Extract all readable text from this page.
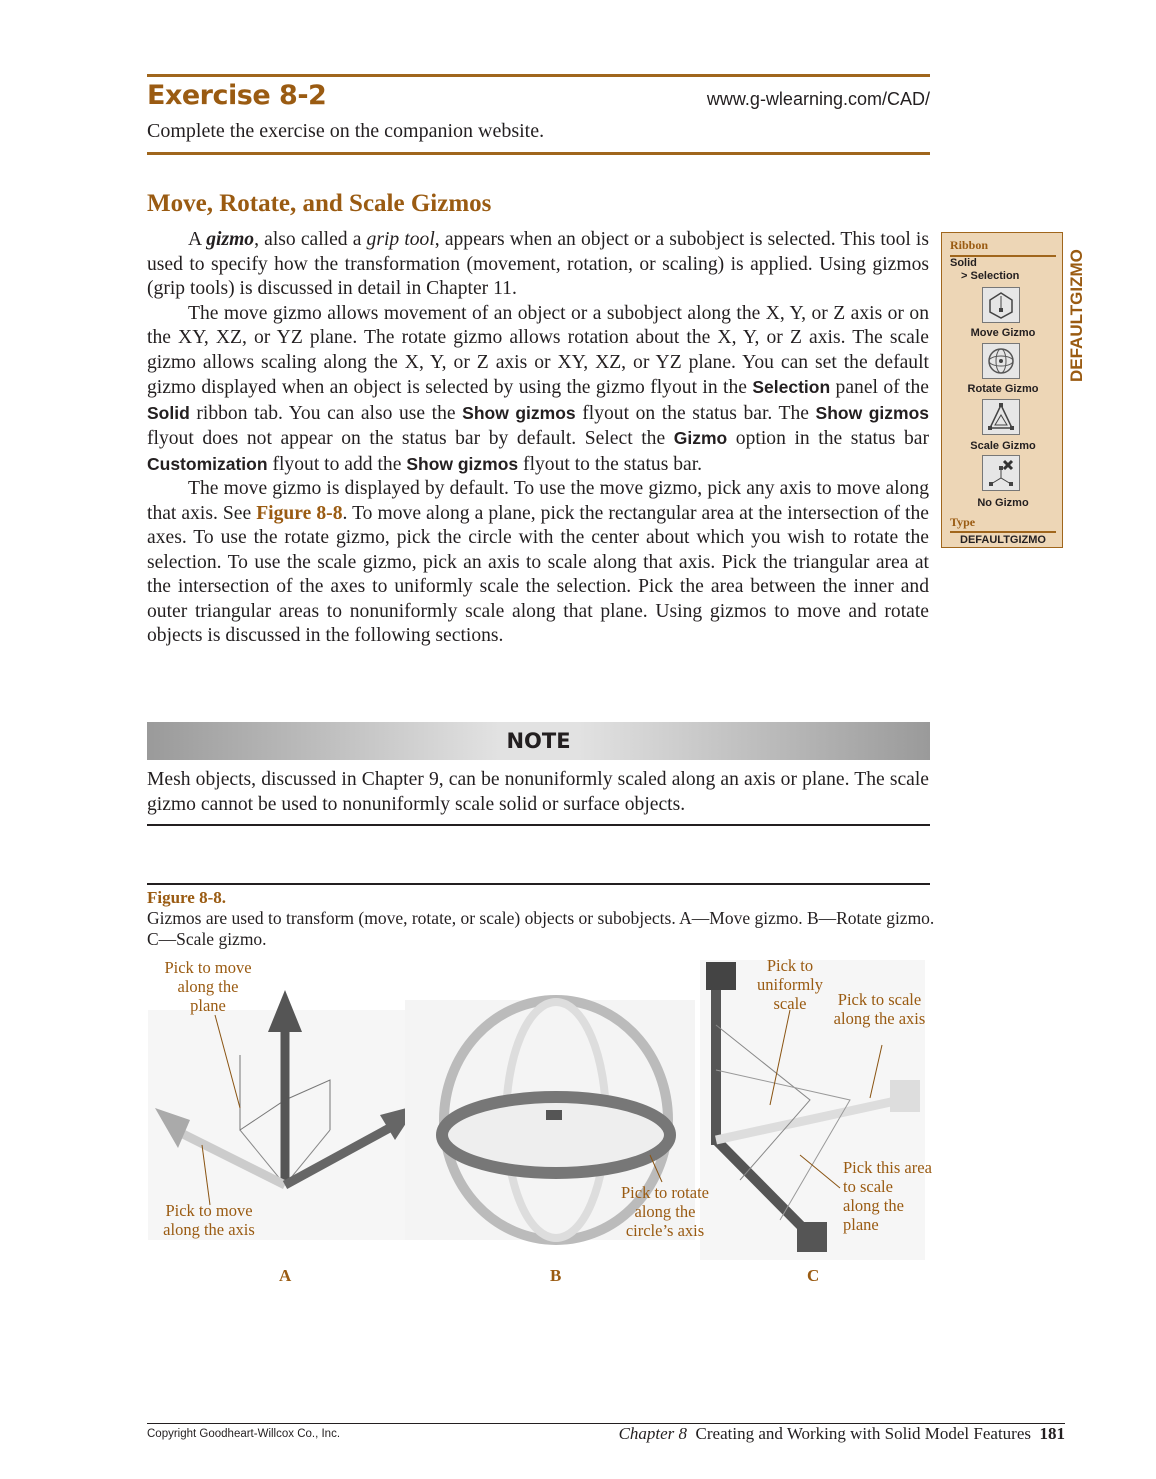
Exercise 8-2	www.g-wlearning.com/CAD/
Complete the exercise on the companion website.
Move, Rotate, and Scale Gizmos

A gizmo, also called a grip tool, appears when an object or a subobject is selected. This tool is used to specify how the transformation (movement, rotation, or scaling) is applied. Using gizmos (grip tools) is discussed in detail in Chapter 11.

The move gizmo allows movement of an object or a subobject along the X, Y, or Z axis or on the XY, XZ, or YZ plane. The rotate gizmo allows rotation about the X, Y, or Z axis. The scale gizmo allows scaling along the X, Y, or Z axis or XY, XZ, or YZ plane. You can set the default gizmo displayed when an object is selected by using the gizmo flyout in the Selection panel of the Solid ribbon tab. You can also use the Show gizmos flyout on the status bar. The Show gizmos flyout does not appear on the status bar by default. Select the Gizmo option in the status bar Customization flyout to add the Show gizmos flyout to the status bar.

The move gizmo is displayed by default. To use the move gizmo, pick any axis to move along that axis. See Figure 8-8. To move along a plane, pick the rectangular area at the intersection of the axes. To use the rotate gizmo, pick the circle with the center about which you wish to rotate the selection. To use the scale gizmo, pick an axis to scale along that axis. Pick the triangular area at the intersection of the axes to uniformly scale the selection. Pick the area between the inner and outer triangular areas to nonuniformly scale along that plane. Using gizmos to move and rotate objects is discussed in the following sections.

Ribbon
Solid
> Selection
Move Gizmo
Rotate Gizmo
Scale Gizmo
No Gizmo
Type
DEFAULTGIZMO
DEFAULTGIZMO
NOTE
Mesh objects, discussed in Chapter 9, can be nonuniformly scaled along an axis or plane. The scale gizmo cannot be used to nonuniformly scale solid or surface objects.
Figure 8-8.
Gizmos are used to transform (move, rotate, or scale) objects or subobjects. A—Move gizmo. B—Rotate gizmo. C—Scale gizmo.
Pick to move along the plane
Pick to move along the axis
Pick to rotate along the circle’s axis
Pick to uniformly scale	Pick to scale along the axis
Pick this area to scale along the plane
A	B	C
Copyright Goodheart-Willcox Co., Inc.	Chapter 8 Creating and Working with Solid Model Features 181
